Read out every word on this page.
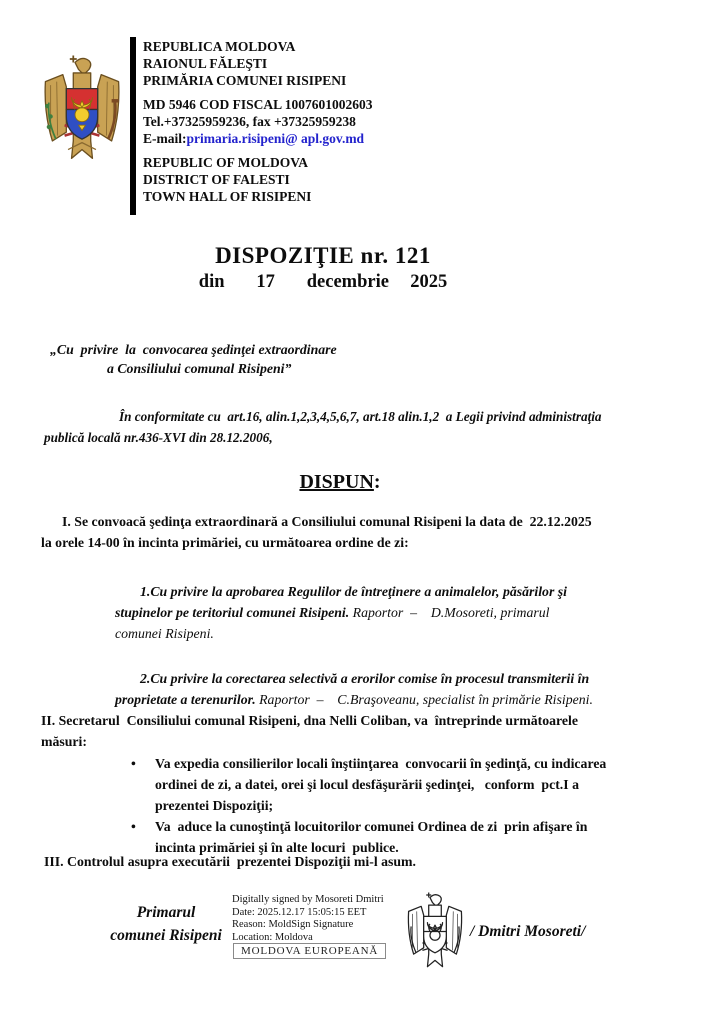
REPUBLICA MOLDOVA
RAIONUL FĂLEŞTI
PRIMĂRIA COMUNEI RISIPENI
MD 5946 COD FISCAL 1007601002603
Tel.+37325959236, fax +37325959238
E-mail:primaria.risipeni@ apl.gov.md
REPUBLIC OF MOLDOVA
DISTRICT OF FALESTI
TOWN HALL OF RISIPENI
DISPOZIŢIE nr. 121
din   17   decembrie  2025
„Cu  privire  la  convocarea şedinţei extraordinare
a Consiliului comunal Risipeni”
În conformitate cu  art.16, alin.1,2,3,4,5,6,7, art.18 alin.1,2  a Legii privind administraţia
publică locală nr.436-XVI din 28.12.2006,
DISPUN:
I. Se convoacă şedinţa extraordinară a Consiliului comunal Risipeni la data de  22.12.2025
la orele 14-00 în incinta primăriei, cu următoarea ordine de zi:
1.Cu privire la aprobarea Regulilor de întreţinere a animalelor, păsărilor şi
stupinelor pe teritoriul comunei Risipeni. Raportor  –    D.Mosoreti, primarul
comunei Risipeni.
2.Cu privire la corectarea selectivă a erorilor comise în procesul transmiterii în
proprietate a terenurilor. Raportor  –    C.Braşoveanu, specialist în primărie Risipeni.
II. Secretarul  Consiliului comunal Risipeni, dna Nelli Coliban, va  întreprinde următoarele
măsuri:
•	Va expedia consilierilor locali înştiinţarea  convocarii în şedinţă, cu indicarea
ordinei de zi, a datei, orei şi locul desfăşurării şedinţei,   conform  pct.I a
prezentei Dispoziţii;
•	Va  aduce la cunoştinţă locuitorilor comunei Ordinea de zi  prin afişare în
incinta primăriei şi în alte locuri  publice.
III. Controlul asupra executării  prezentei Dispoziţii mi-l asum.
Primarul
comunei Risipeni
Digitally signed by Mosoreti Dmitri
Date: 2025.12.17 15:05:15 EET
Reason: MoldSign Signature
Location: Moldova
MOLDOVA EUROPEANĂ
/ Dmitri Mosoreti/
